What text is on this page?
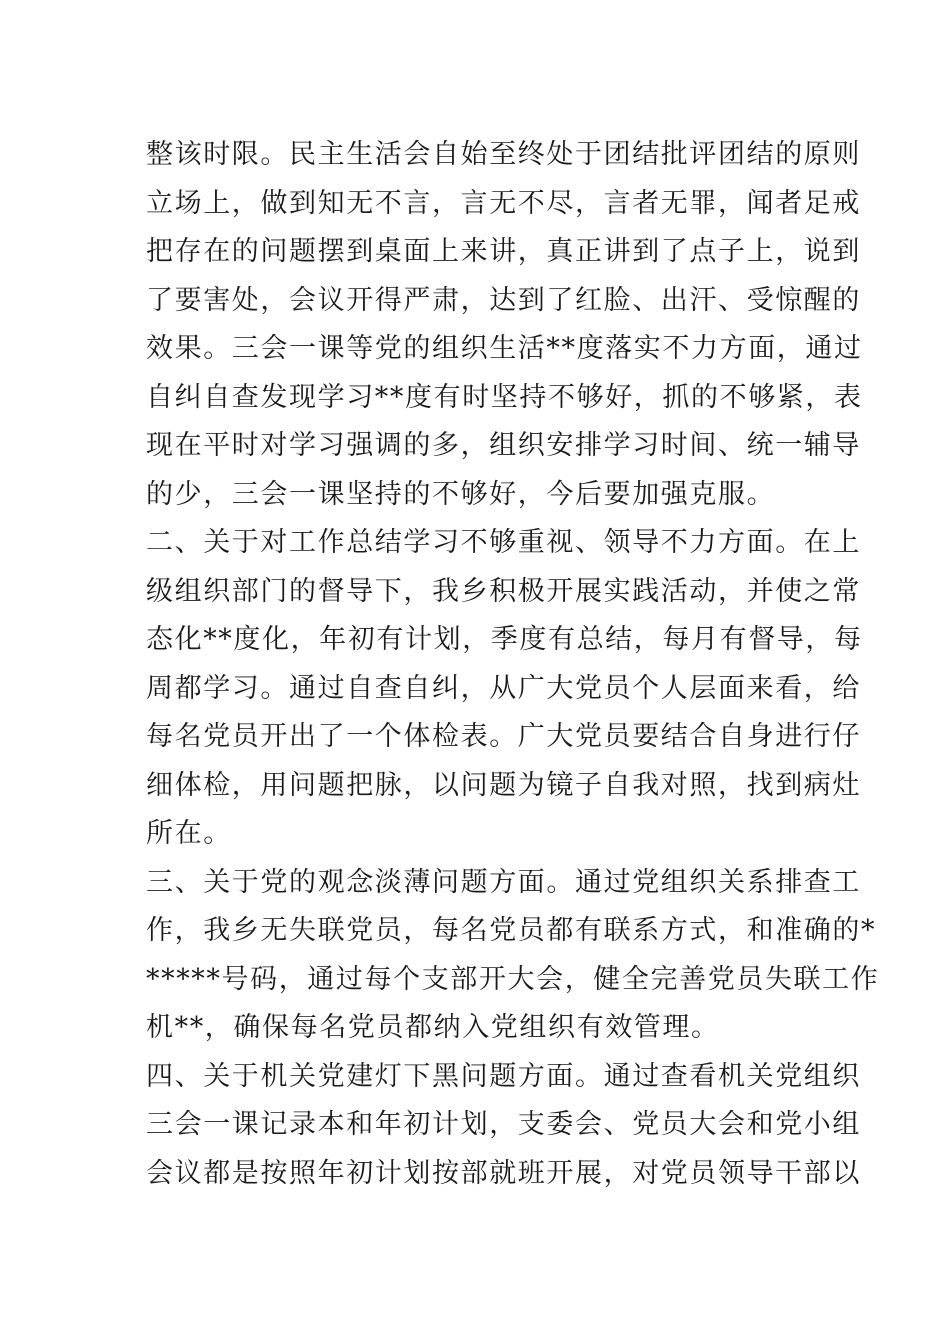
整该时限。民主生活会自始至终处于团结批评团结的原则
立场上，做到知无不言，言无不尽，言者无罪，闻者足戒
把存在的问题摆到桌面上来讲，真正讲到了点子上，说到
了要害处，会议开得严肃，达到了红脸、出汗、受惊醒的
效果。三会一课等党的组织生活**度落实不力方面，通过
自纠自查发现学习**度有时坚持不够好，抓的不够紧，表
现在平时对学习强调的多，组织安排学习时间、统一辅导
的少，三会一课坚持的不够好，今后要加强克服。
二、关于对工作总结学习不够重视、领导不力方面。在上
级组织部门的督导下，我乡积极开展实践活动，并使之常
态化**度化，年初有计划，季度有总结，每月有督导，每
周都学习。通过自查自纠，从广大党员个人层面来看，给
每名党员开出了一个体检表。广大党员要结合自身进行仔
细体检，用问题把脉，以问题为镜子自我对照，找到病灶
所在。
三、关于党的观念淡薄问题方面。通过党组织关系排查工
作，我乡无失联党员，每名党员都有联系方式，和准确的*
*****号码，通过每个支部开大会，健全完善党员失联工作
机**，确保每名党员都纳入党组织有效管理。
四、关于机关党建灯下黑问题方面。通过查看机关党组织
三会一课记录本和年初计划，支委会、党员大会和党小组
会议都是按照年初计划按部就班开展，对党员领导干部以
